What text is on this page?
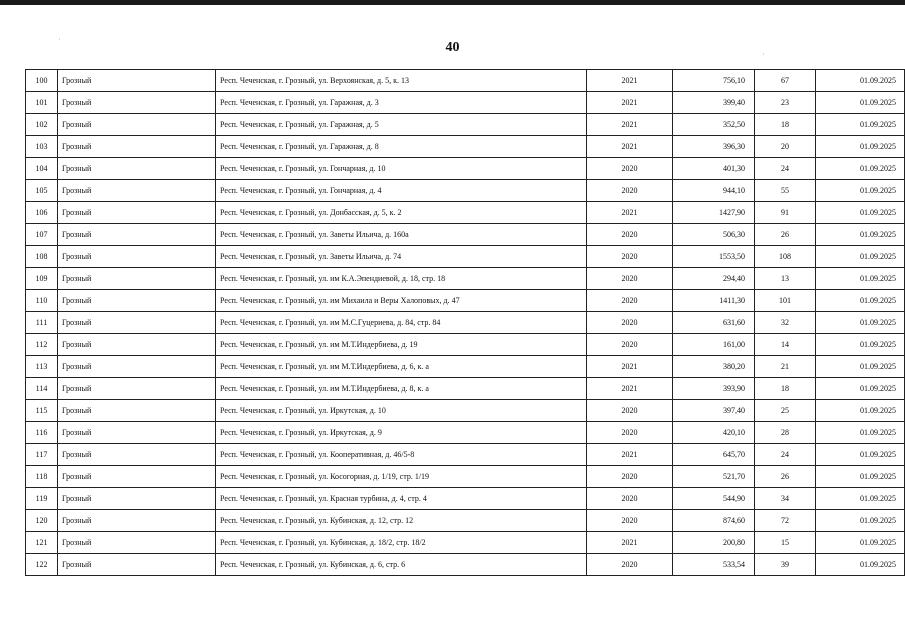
·
·
40
100	Грозный	Респ. Чеченская, г. Грозный, ул. Верхоянская, д. 5, к. 13	2021	756,10	67	01.09.2025
101	Грозный	Респ. Чеченская, г. Грозный, ул. Гаражная, д. 3	2021	399,40	23	01.09.2025
102	Грозный	Респ. Чеченская, г. Грозный, ул. Гаражная, д. 5	2021	352,50	18	01.09.2025
103	Грозный	Респ. Чеченская, г. Грозный, ул. Гаражная, д. 8	2021	396,30	20	01.09.2025
104	Грозный	Респ. Чеченская, г. Грозный, ул. Гончарная, д. 10	2020	401,30	24	01.09.2025
105	Грозный	Респ. Чеченская, г. Грозный, ул. Гончарная, д. 4	2020	944,10	55	01.09.2025
106	Грозный	Респ. Чеченская, г. Грозный, ул. Донбасская, д. 5, к. 2	2021	1427,90	91	01.09.2025
107	Грозный	Респ. Чеченская, г. Грозный, ул. Заветы Ильича, д. 160а	2020	506,30	26	01.09.2025
108	Грозный	Респ. Чеченская, г. Грозный, ул. Заветы Ильича, д. 74	2020	1553,50	108	01.09.2025
109	Грозный	Респ. Чеченская, г. Грозный, ул. им К.А.Эпендиевой, д. 18, стр. 18	2020	294,40	13	01.09.2025
110	Грозный	Респ. Чеченская, г. Грозный, ул. им Михаила и Веры Халоповых, д. 47	2020	1411,30	101	01.09.2025
111	Грозный	Респ. Чеченская, г. Грозный, ул. им М.С.Гуцериева, д. 84, стр. 84	2020	631,60	32	01.09.2025
112	Грозный	Респ. Чеченская, г. Грозный, ул. им М.Т.Индербиева, д. 19	2020	161,00	14	01.09.2025
113	Грозный	Респ. Чеченская, г. Грозный, ул. им М.Т.Индербиева, д. 6, к. а	2021	380,20	21	01.09.2025
114	Грозный	Респ. Чеченская, г. Грозный, ул. им М.Т.Индербиева, д. 8, к. а	2021	393,90	18	01.09.2025
115	Грозный	Респ. Чеченская, г. Грозный, ул. Иркутская, д. 10	2020	397,40	25	01.09.2025
116	Грозный	Респ. Чеченская, г. Грозный, ул. Иркутская, д. 9	2020	420,10	28	01.09.2025
117	Грозный	Респ. Чеченская, г. Грозный, ул. Кооперативная, д. 46/5-8	2021	645,70	24	01.09.2025
118	Грозный	Респ. Чеченская, г. Грозный, ул. Косогорная, д. 1/19, стр. 1/19	2020	521,70	26	01.09.2025
119	Грозный	Респ. Чеченская, г. Грозный, ул. Красная турбина, д. 4, стр. 4	2020	544,90	34	01.09.2025
120	Грозный	Респ. Чеченская, г. Грозный, ул. Кубинская, д. 12, стр. 12	2020	874,60	72	01.09.2025
121	Грозный	Респ. Чеченская, г. Грозный, ул. Кубинская, д. 18/2, стр. 18/2	2021	200,80	15	01.09.2025
122	Грозный	Респ. Чеченская, г. Грозный, ул. Кубинская, д. 6, стр. 6	2020	533,54	39	01.09.2025
